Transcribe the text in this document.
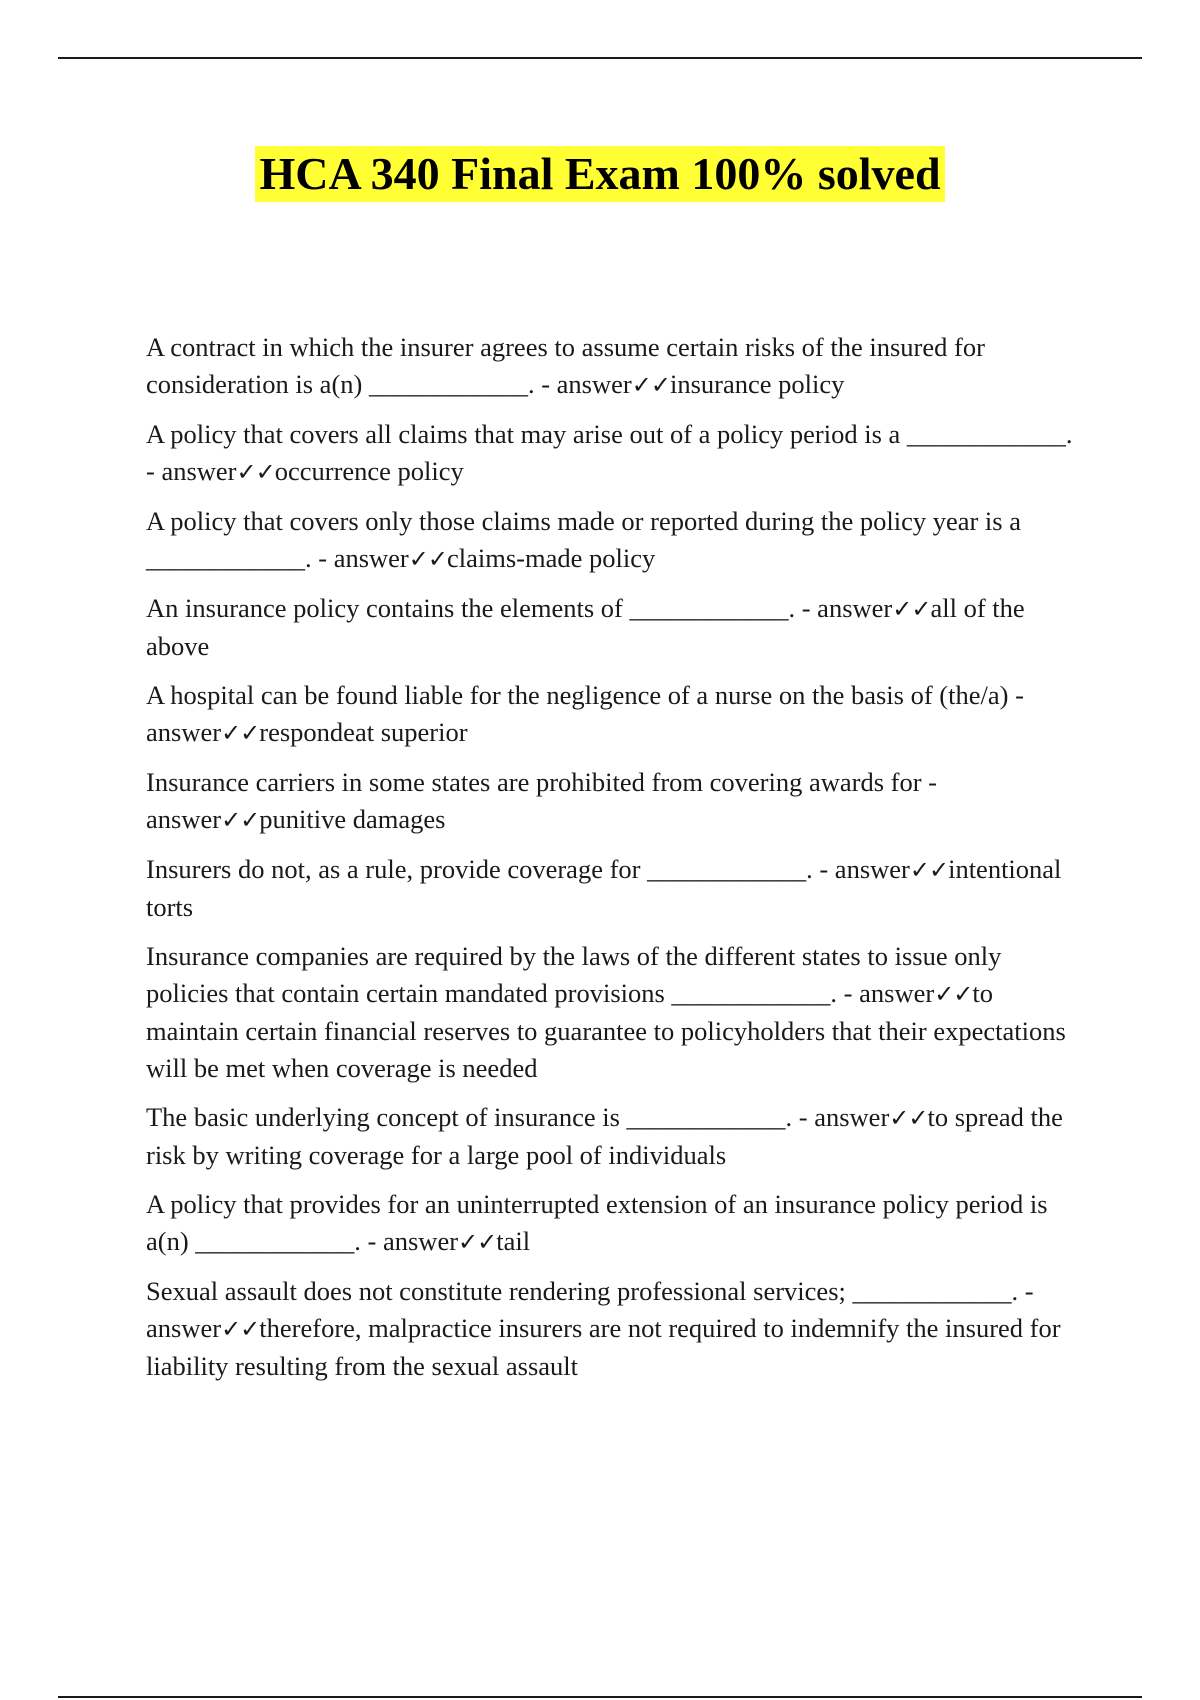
HCA 340 Final Exam 100% solved

A contract in which the insurer agrees to assume certain risks of the insured for consideration is a(n) ____________. - answer✓✓insurance policy

A policy that covers all claims that may arise out of a policy period is a ____________. - answer✓✓occurrence policy

A policy that covers only those claims made or reported during the policy year is a ____________. - answer✓✓claims-made policy

An insurance policy contains the elements of ____________. - answer✓✓all of the above

A hospital can be found liable for the negligence of a nurse on the basis of (the/a) - answer✓✓respondeat superior

Insurance carriers in some states are prohibited from covering awards for - answer✓✓punitive damages

Insurers do not, as a rule, provide coverage for ____________. - answer✓✓intentional torts

Insurance companies are required by the laws of the different states to issue only policies that contain certain mandated provisions ____________. - answer✓✓to maintain certain financial reserves to guarantee to policyholders that their expectations will be met when coverage is needed

The basic underlying concept of insurance is ____________. - answer✓✓to spread the risk by writing coverage for a large pool of individuals

A policy that provides for an uninterrupted extension of an insurance policy period is a(n) ____________. - answer✓✓tail

Sexual assault does not constitute rendering professional services; ____________. - answer✓✓therefore, malpractice insurers are not required to indemnify the insured for liability resulting from the sexual assault
